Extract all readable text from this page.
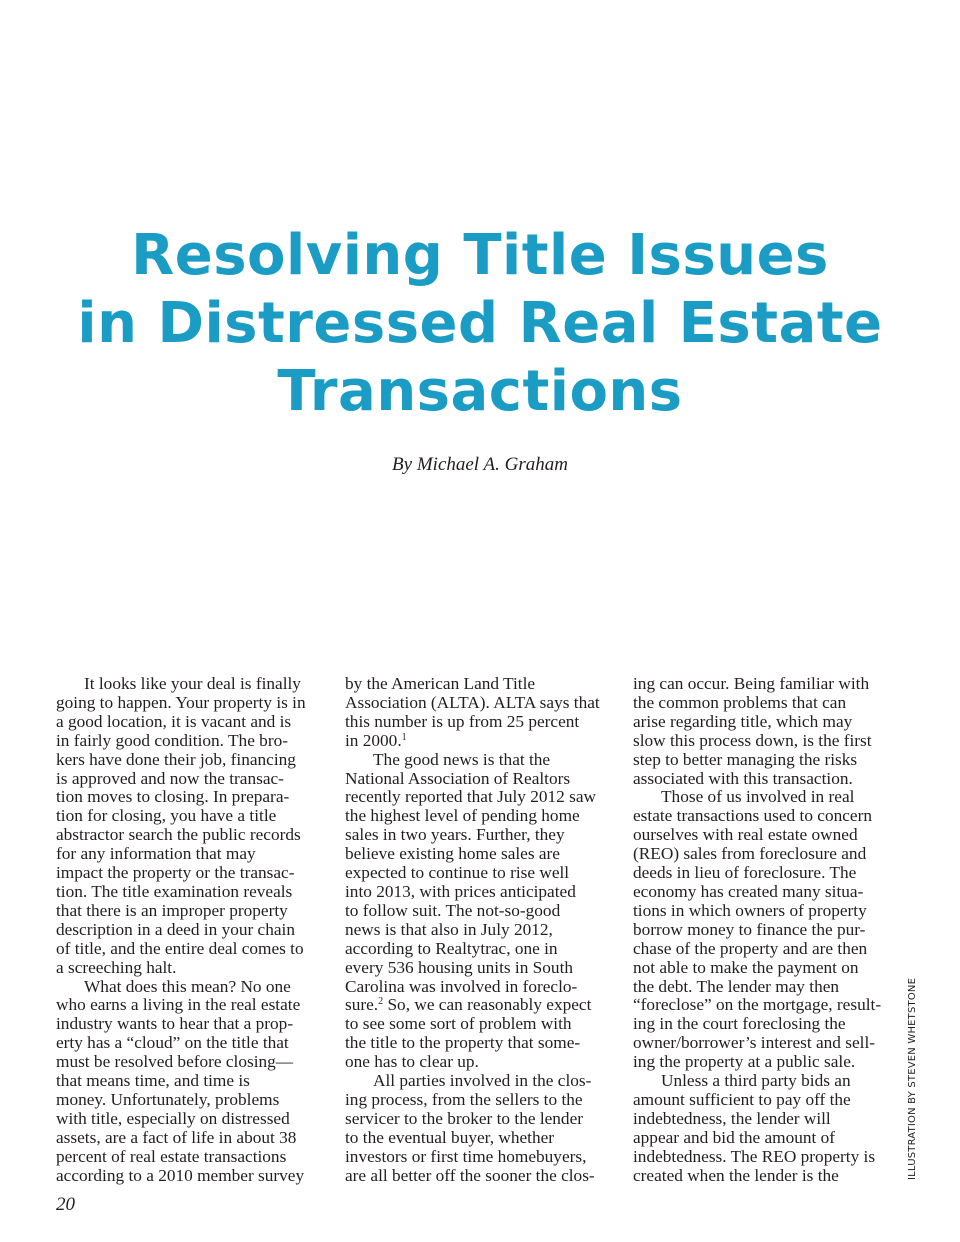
Resolving Title Issues
in Distressed Real Estate
Transactions
By Michael A. Graham

It looks like your deal is finally

going to happen. Your property is in

a good location, it is vacant and is

in fairly good condition. The bro-

kers have done their job, financing

is approved and now the transac-

tion moves to closing. In prepara-

tion for closing, you have a title

abstractor search the public records

for any information that may

impact the property or the transac-

tion. The title examination reveals

that there is an improper property

description in a deed in your chain

of title, and the entire deal comes to

a screeching halt.

What does this mean? No one

who earns a living in the real estate

industry wants to hear that a prop-

erty has a “cloud” on the title that

must be resolved before closing—

that means time, and time is

money. Unfortunately, problems

with title, especially on distressed

assets, are a fact of life in about 38

percent of real estate transactions

according to a 2010 member survey

by the American Land Title

Association (ALTA). ALTA says that

this number is up from 25 percent

in 2000.$^1$

The good news is that the

National Association of Realtors

recently reported that July 2012 saw

the highest level of pending home

sales in two years. Further, they

believe existing home sales are

expected to continue to rise well

into 2013, with prices anticipated

to follow suit. The not-so-good

news is that also in July 2012,

according to Realtytrac, one in

every 536 housing units in South

Carolina was involved in foreclo-

sure.$^2$ So, we can reasonably expect

to see some sort of problem with

the title to the property that some-

one has to clear up.

All parties involved in the clos-

ing process, from the sellers to the

servicer to the broker to the lender

to the eventual buyer, whether

investors or first time homebuyers,

are all better off the sooner the clos-

ing can occur. Being familiar with

the common problems that can

arise regarding title, which may

slow this process down, is the first

step to better managing the risks

associated with this transaction.

Those of us involved in real

estate transactions used to concern

ourselves with real estate owned

(REO) sales from foreclosure and

deeds in lieu of foreclosure. The

economy has created many situa-

tions in which owners of property

borrow money to finance the pur-

chase of the property and are then

not able to make the payment on

the debt. The lender may then

“foreclose” on the mortgage, result-

ing in the court foreclosing the

owner/borrower’s interest and sell-

ing the property at a public sale.

Unless a third party bids an

amount sufficient to pay off the

indebtedness, the lender will

appear and bid the amount of

indebtedness. The REO property is

created when the lender is the

20
ILLUSTRATION BY STEVEN WHETSTONE
